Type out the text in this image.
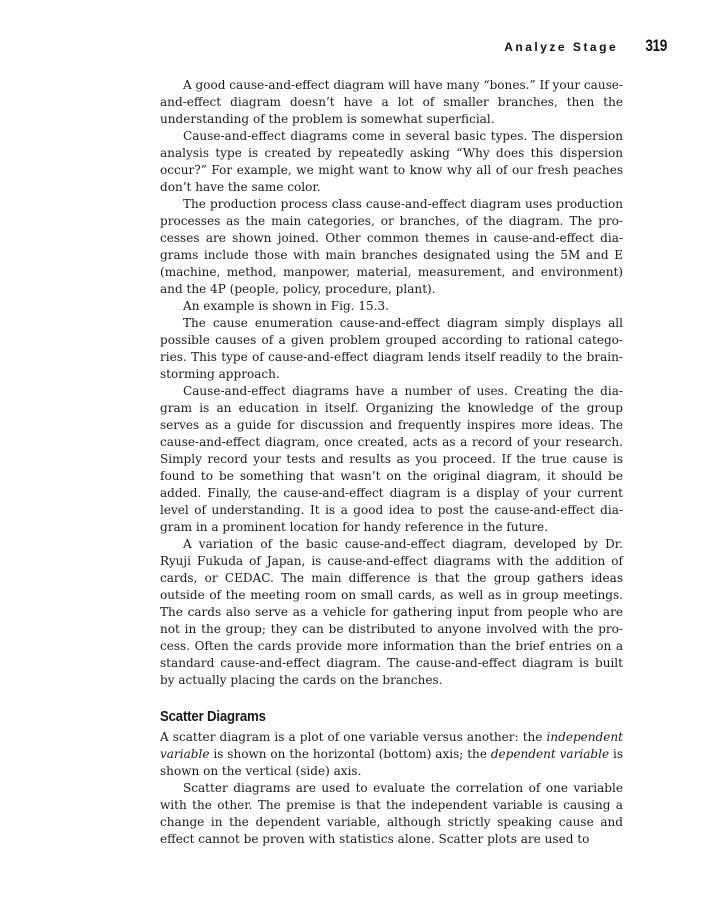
Analyze Stage 319

A good cause-and-effect diagram will have many “bones.” If your cause-and-effect diagram doesn’t have a lot of smaller branches, then the understanding of the problem is somewhat superficial.

Cause-and-effect diagrams come in several basic types. The dispersion analysis type is created by repeatedly asking “Why does this dispersion occur?” For example, we might want to know why all of our fresh peaches don’t have the same color.

The production process class cause-and-effect diagram uses production processes as the main categories, or branches, of the diagram. The processes are shown joined. Other common themes in cause-and-effect diagrams include those with main branches designated using the 5M and E (machine, method, manpower, material, measurement, and environment) and the 4P (people, policy, procedure, plant).

An example is shown in Fig. 15.3.

The cause enumeration cause-and-effect diagram simply displays all possible causes of a given problem grouped according to rational categories. This type of cause-and-effect diagram lends itself readily to the brainstorming approach.

Cause-and-effect diagrams have a number of uses. Creating the diagram is an education in itself. Organizing the knowledge of the group serves as a guide for discussion and frequently inspires more ideas. The cause-and-effect diagram, once created, acts as a record of your research. Simply record your tests and results as you proceed. If the true cause is found to be something that wasn’t on the original diagram, it should be added. Finally, the cause-and-effect diagram is a display of your current level of understanding. It is a good idea to post the cause-and-effect diagram in a prominent location for handy reference in the future.

A variation of the basic cause-and-effect diagram, developed by Dr. Ryuji Fukuda of Japan, is cause-and-effect diagrams with the addition of cards, or CEDAC. The main difference is that the group gathers ideas outside of the meeting room on small cards, as well as in group meetings. The cards also serve as a vehicle for gathering input from people who are not in the group; they can be distributed to anyone involved with the process. Often the cards provide more information than the brief entries on a standard cause-and-effect diagram. The cause-and-effect diagram is built by actually placing the cards on the branches.

Scatter Diagrams

A scatter diagram is a plot of one variable versus another: the independent variable is shown on the horizontal (bottom) axis; the dependent variable is shown on the vertical (side) axis.

Scatter diagrams are used to evaluate the correlation of one variable with the other. The premise is that the independent variable is causing a change in the dependent variable, although strictly speaking cause and effect cannot be proven with statistics alone. Scatter plots are used to
